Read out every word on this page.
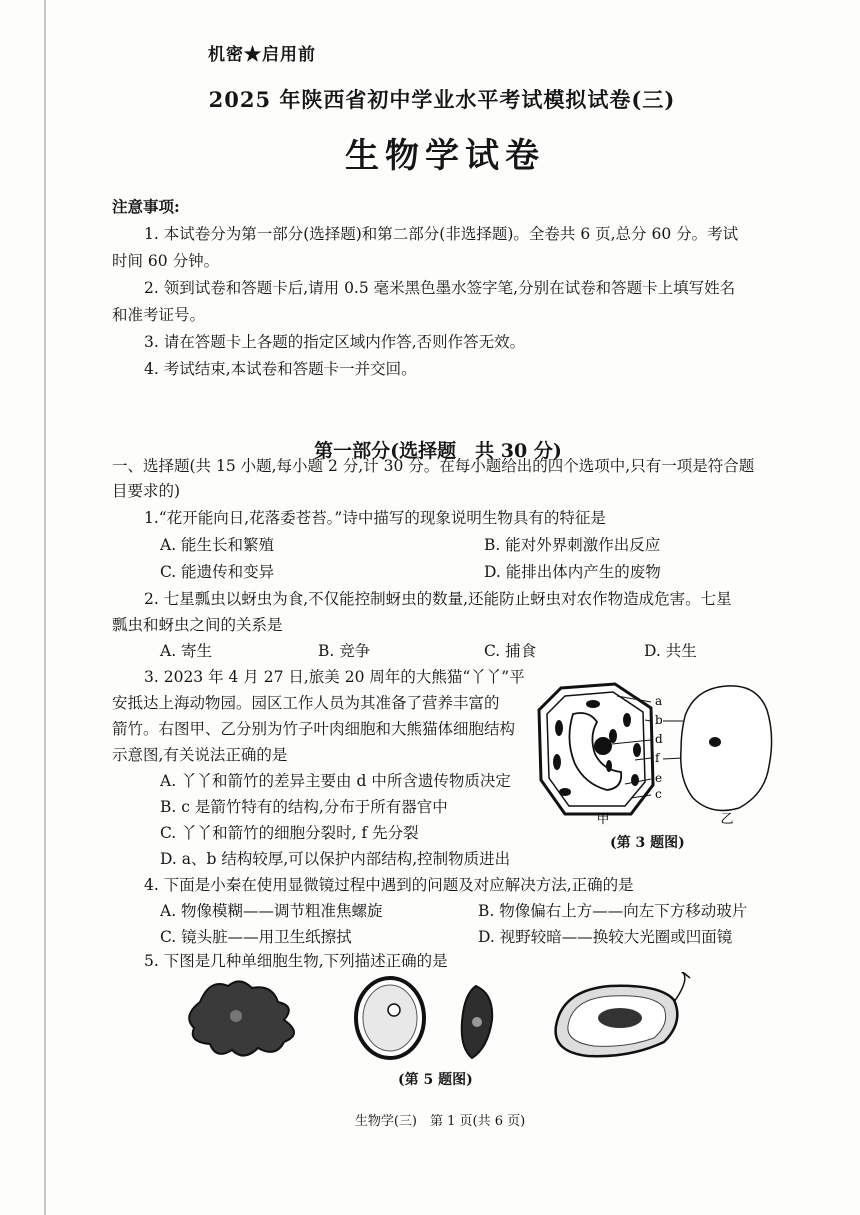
机密★启用前
2025 年陕西省初中学业水平考试模拟试卷(三)
生物学试卷
注意事项:
1. 本试卷分为第一部分(选择题)和第二部分(非选择题)。全卷共 6 页,总分 60 分。考试
时间 60 分钟。
2. 领到试卷和答题卡后,请用 0.5 毫米黑色墨水签字笔,分别在试卷和答题卡上填写姓名
和准考证号。
3. 请在答题卡上各题的指定区域内作答,否则作答无效。
4. 考试结束,本试卷和答题卡一并交回。
第一部分(选择题　共 30 分)
一、选择题(共 15 小题,每小题 2 分,计 30 分。在每小题给出的四个选项中,只有一项是符合题
目要求的)
1.“花开能向日,花落委苍苔。”诗中描写的现象说明生物具有的特征是
A. 能生长和繁殖	B. 能对外界刺激作出反应
C. 能遗传和变异	D. 能排出体内产生的废物
2. 七星瓢虫以蚜虫为食,不仅能控制蚜虫的数量,还能防止蚜虫对农作物造成危害。七星
瓢虫和蚜虫之间的关系是
A. 寄生	B. 竞争	C. 捕食	D. 共生
3. 2023 年 4 月 27 日,旅美 20 周年的大熊猫“丫丫”平
安抵达上海动物园。园区工作人员为其准备了营养丰富的
箭竹。右图甲、乙分别为竹子叶肉细胞和大熊猫体细胞结构
示意图,有关说法正确的是
A. 丫丫和箭竹的差异主要由 d 中所含遗传物质决定
B. c 是箭竹特有的结构,分布于所有器官中
C. 丫丫和箭竹的细胞分裂时, f 先分裂
D. a、b 结构较厚,可以保护内部结构,控制物质进出
a
b
d
f
e
c
甲	乙
(第 3 题图)
4. 下面是小秦在使用显微镜过程中遇到的问题及对应解决方法,正确的是
A. 物像模糊——调节粗准焦螺旋	B. 物像偏右上方——向左下方移动玻片
C. 镜头脏——用卫生纸擦拭	D. 视野较暗——换较大光圈或凹面镜
5. 下图是几种单细胞生物,下列描述正确的是
(第 5 题图)
生物学(三)　第 1 页(共 6 页)
